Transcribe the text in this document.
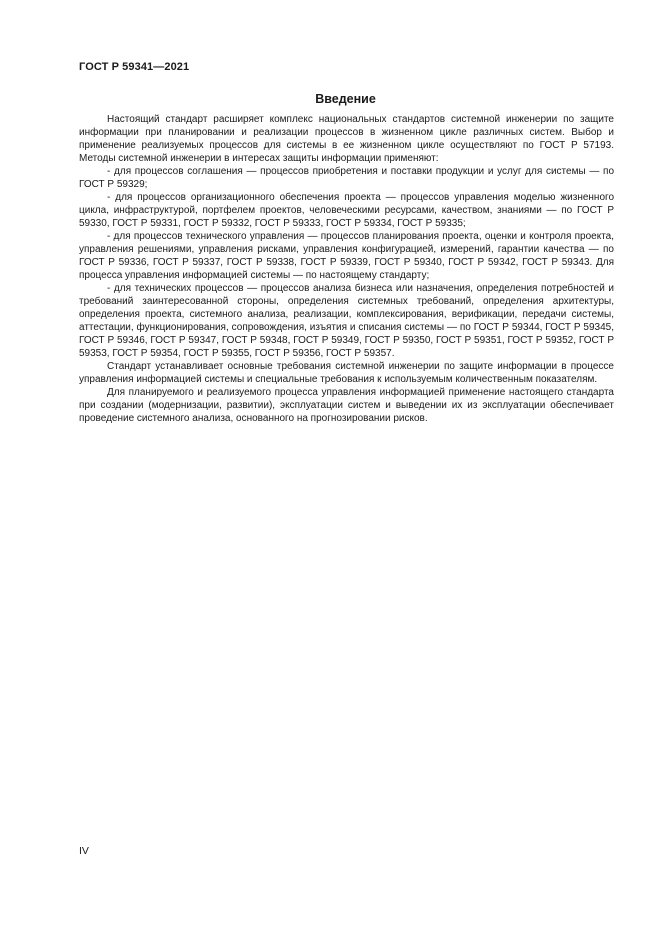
ГОСТ Р 59341—2021
Введение

Настоящий стандарт расширяет комплекс национальных стандартов системной инженерии по защите информации при планировании и реализации процессов в жизненном цикле различных систем. Выбор и применение реализуемых процессов для системы в ее жизненном цикле осуществляют по ГОСТ Р 57193. Методы системной инженерии в интересах защиты информации применяют:

- для процессов соглашения — процессов приобретения и поставки продукции и услуг для системы — по ГОСТ Р 59329;

- для процессов организационного обеспечения проекта — процессов управления моделью жизненного цикла, инфраструктурой, портфелем проектов, человеческими ресурсами, качеством, знаниями — по ГОСТ Р 59330, ГОСТ Р 59331, ГОСТ Р 59332, ГОСТ Р 59333, ГОСТ Р 59334, ГОСТ Р 59335;

- для процессов технического управления — процессов планирования проекта, оценки и контроля проекта, управления решениями, управления рисками, управления конфигурацией, измерений, гарантии качества — по ГОСТ Р 59336, ГОСТ Р 59337, ГОСТ Р 59338, ГОСТ Р 59339, ГОСТ Р 59340, ГОСТ Р 59342, ГОСТ Р 59343. Для процесса управления информацией системы — по настоящему стандарту;

- для технических процессов — процессов анализа бизнеса или назначения, определения потребностей и требований заинтересованной стороны, определения системных требований, определения архитектуры, определения проекта, системного анализа, реализации, комплексирования, верификации, передачи системы, аттестации, функционирования, сопровождения, изъятия и списания системы — по ГОСТ Р 59344, ГОСТ Р 59345, ГОСТ Р 59346, ГОСТ Р 59347, ГОСТ Р 59348, ГОСТ Р 59349, ГОСТ Р 59350, ГОСТ Р 59351, ГОСТ Р 59352, ГОСТ Р 59353, ГОСТ Р 59354, ГОСТ Р 59355, ГОСТ Р 59356, ГОСТ Р 59357.

Стандарт устанавливает основные требования системной инженерии по защите информации в процессе управления информацией системы и специальные требования к используемым количественным показателям.

Для планируемого и реализуемого процесса управления информацией применение настоящего стандарта при создании (модернизации, развитии), эксплуатации систем и выведении их из эксплуатации обеспечивает проведение системного анализа, основанного на прогнозировании рисков.

IV
